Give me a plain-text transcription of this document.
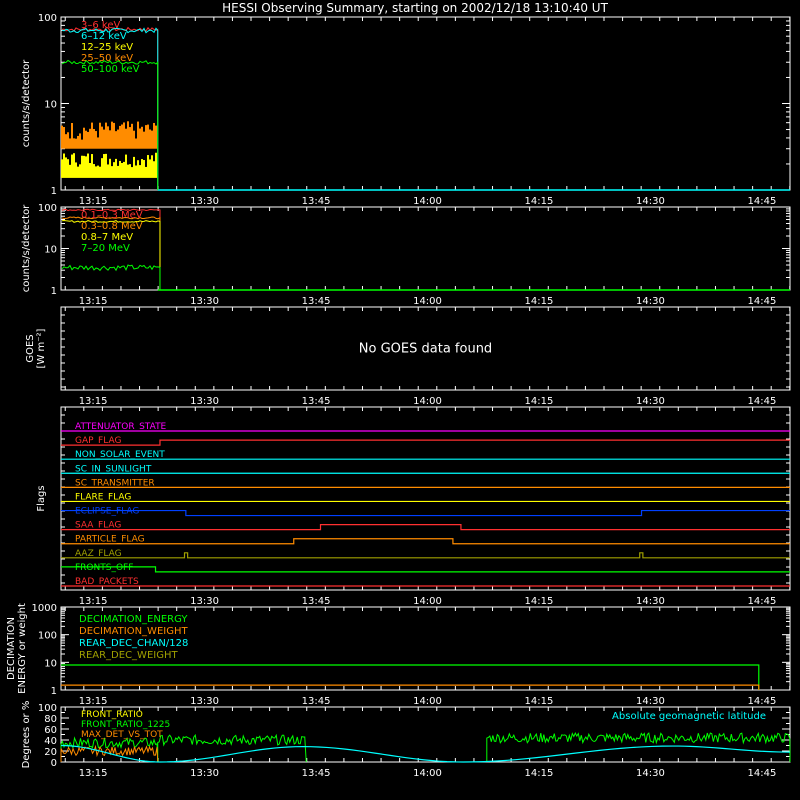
HESSI Observing Summary, starting on 2002/12/18 13:10:40 UT
counts/s/detector
13:15	13:30	13:45	14:00	14:15	14:30	14:45
1
10
100
3–6 keV
6–12 keV
12–25 keV
25–50 keV
50–100 keV
counts/s/detector
13:15	13:30	13:45	14:00	14:15	14:30	14:45
1
10
100
0.1–0.3 MeV
0.3–0.8 MeV
0.8–7 MeV
7–20 MeV
GOES [W m⁻²]
13:15	13:30	13:45	14:00	14:15	14:30	14:45
No GOES data found
Flags
13:15	13:30	13:45	14:00	14:15	14:30	14:45
ATTENUATOR_STATE
GAP_FLAG
NON_SOLAR_EVENT
SC_IN_SUNLIGHT
SC_TRANSMITTER
FLARE_FLAG
ECLIPSE_FLAG
SAA_FLAG
PARTICLE_FLAG
AAZ_FLAG
FRONTS_OFF
BAD_PACKETS
DECIMATION ENERGY or weight
13:15	13:30	13:45	14:00	14:15	14:30	14:45
1
10
100
1000
DECIMATION_ENERGY
DECIMATION_WEIGHT
REAR_DEC_CHAN/128
REAR_DEC_WEIGHT
Degrees or %
13:15	13:30	13:45	14:00	14:15	14:30	14:45
0
20
40
60
80
100
FRONT_RATIO
FRONT_RATIO_1225
MAX_DET_VS_TOT
Absolute geomagnetic latitude
